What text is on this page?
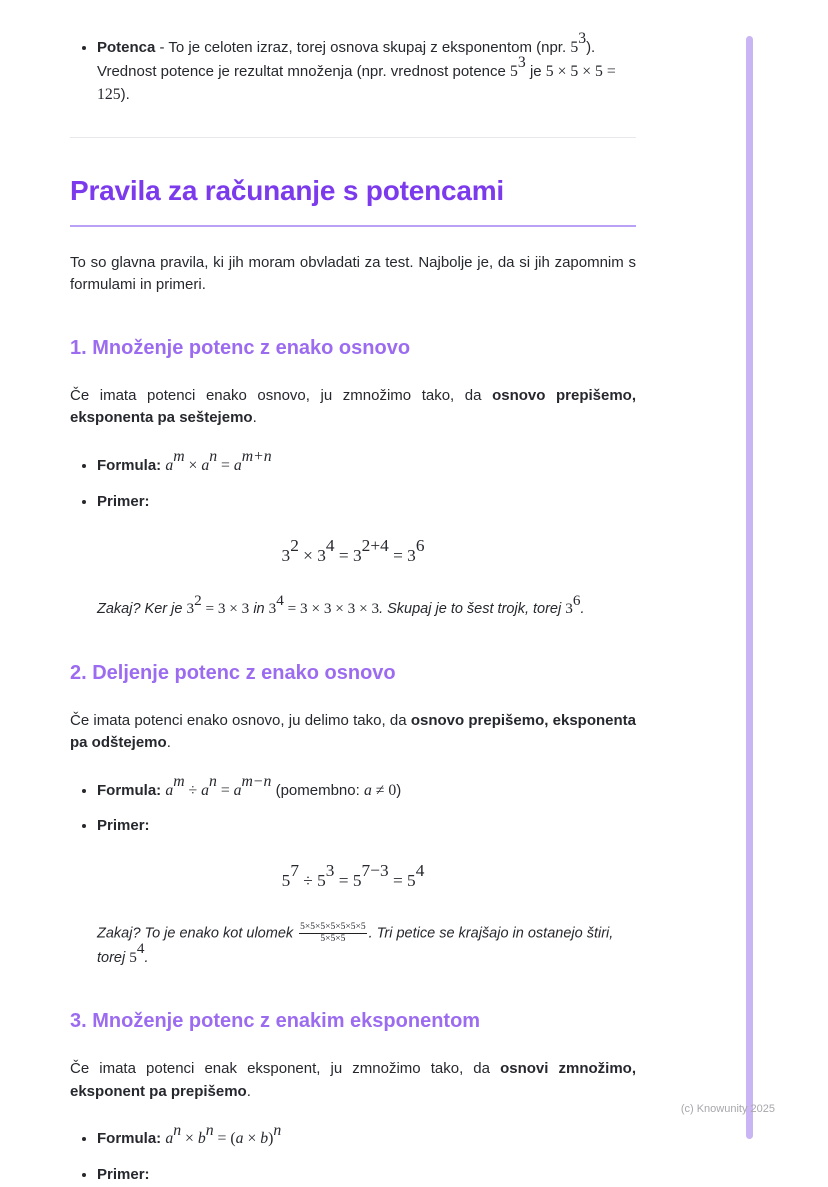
• Potenca - To je celoten izraz, torej osnova skupaj z eksponentom (npr. $5^3$). Vrednost potence je rezultat množenja (npr. vrednost potence $5^3$ je 5 × 5 × 5 = 125).
Pravila za računanje s potencami

To so glavna pravila, ki jih moram obvladati za test. Najbolje je, da si jih zapomnim s formulami in primeri.

1. Množenje potenc z enako osnovo

Če imata potenci enako osnovo, ju zmnožimo tako, da osnovo prepišemo, eksponenta pa seštejemo.

• Formula: $a^m \times a^n = a^{m+n}$
• Primer:
$3^2 \times 3^4 = 3^{2+4} = 3^6$
Zakaj? Ker je $3^2 = 3 \times 3$ in $3^4 = 3 \times 3 \times 3 \times 3$. Skupaj je to šest trojk, torej $3^6$.
2. Deljenje potenc z enako osnovo

Če imata potenci enako osnovo, ju delimo tako, da osnovo prepišemo, eksponenta pa odštejemo.

• Formula: $a^m \div a^n = a^{m-n}$ (pomembno: a ≠ 0)
• Primer:
$5^7 \div 5^3 = 5^{7-3} = 5^4$
Zakaj? To je enako kot ulomek $\frac{5\times 5\times 5\times 5\times 5\times 5\times 5}{5\times 5\times 5}$ . Tri petice se krajšajo in ostanejo štiri, torej $5^4$.
3. Množenje potenc z enakim eksponentom

Če imata potenci enak eksponent, ju zmnožimo tako, da osnovi zmnožimo, eksponent pa prepišemo.

• Formula: $a^n \times b^n = (a \times b)^n$
• Primer:
(c) Knowunity 2025
